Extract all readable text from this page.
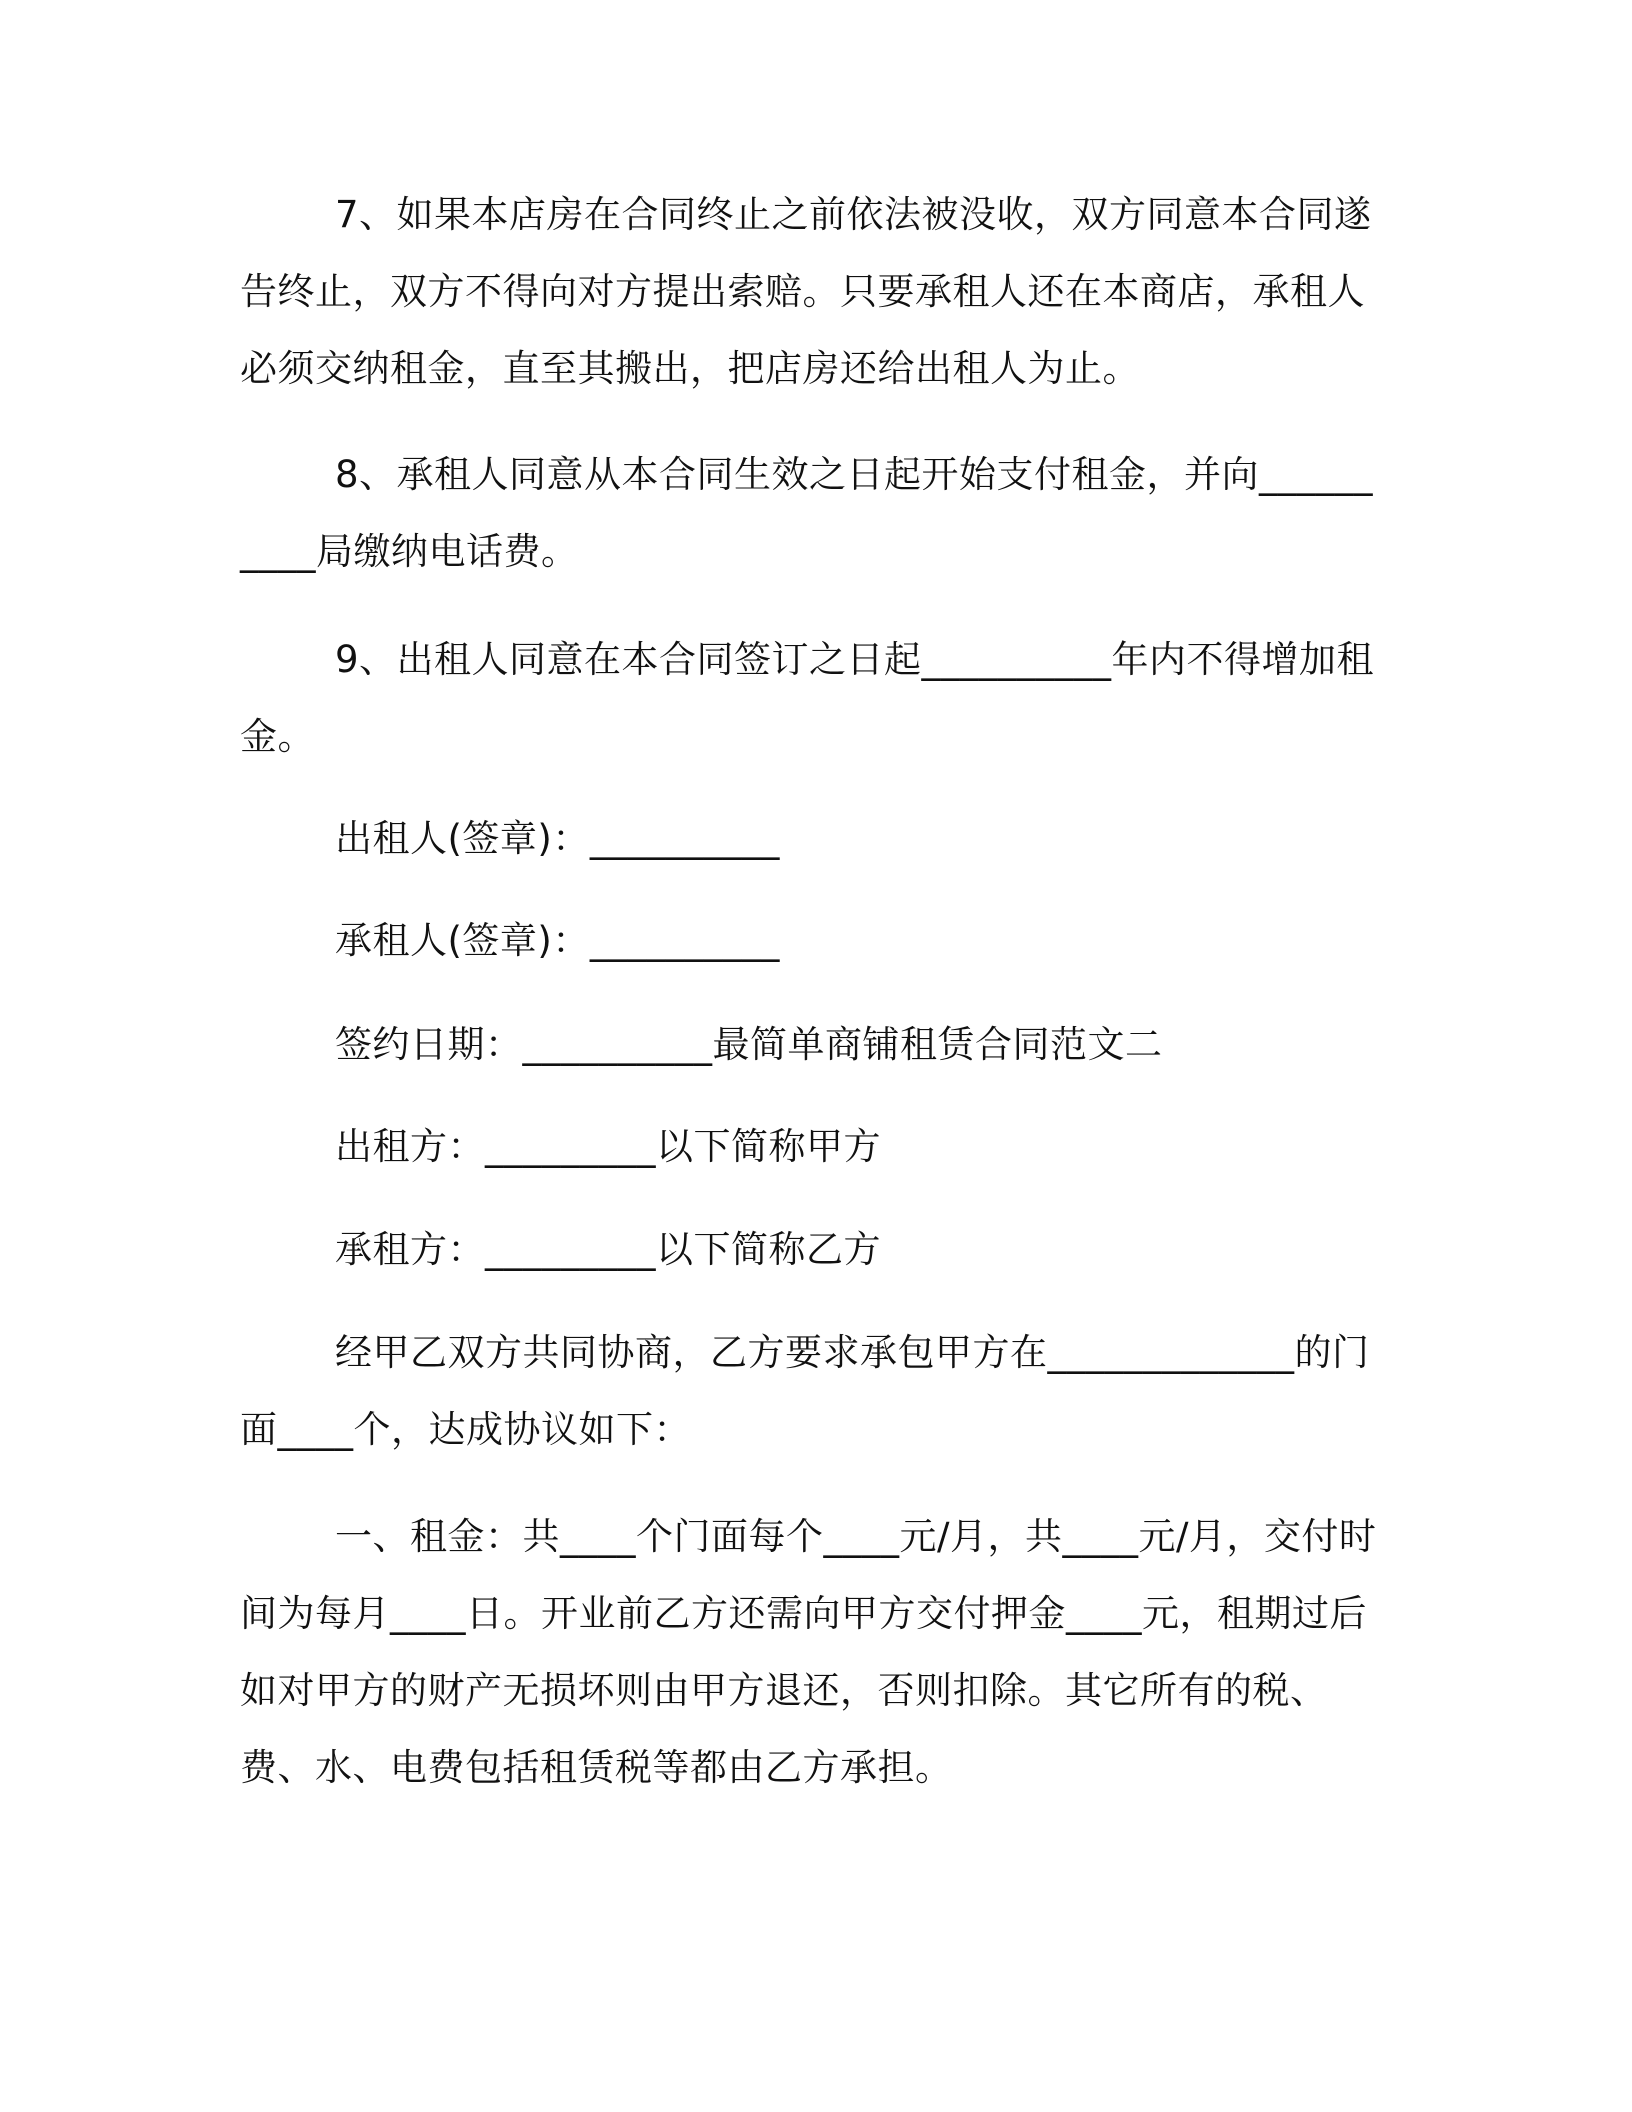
7、如果本店房在合同终止之前依法被没收，双方同意本合同遂告终止，双方不得向对方提出索赔。只要承租人还在本商店，承租人必须交纳租金，直至其搬出，把店房还给出租人为止。

8、承租人同意从本合同生效之日起开始支付租金，并向__________局缴纳电话费。

9、出租人同意在本合同签订之日起__________年内不得增加租金。

出租人(签章)：__________

承租人(签章)：__________

签约日期：__________最简单商铺租赁合同范文二

出租方：_________以下简称甲方

承租方：_________以下简称乙方

经甲乙双方共同协商，乙方要求承包甲方在_____________的门面____个，达成协议如下：

一、租金：共____个门面每个____元/月，共____元/月，交付时间为每月____日。开业前乙方还需向甲方交付押金____元，租期过后如对甲方的财产无损坏则由甲方退还，否则扣除。其它所有的税、费、水、电费包括租赁税等都由乙方承担。
